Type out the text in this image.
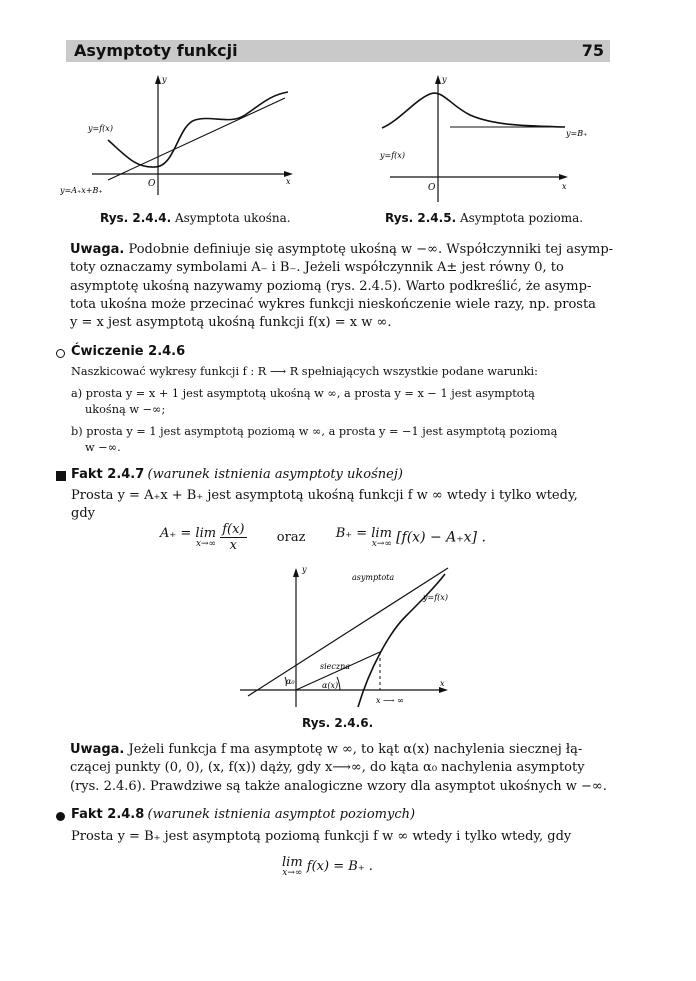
Asymptoty funkcji	75
y
x
O
y=f(x)
y=A₊x+B₊
Rys. 2.4.4. Asymptota ukośna.
y
x
O
y=f(x)
y=B₊
Rys. 2.4.5. Asymptota pozioma.
Uwaga. Podobnie definiuje się asymptotę ukośną w −∞. Współczynniki tej asymp-
toty oznaczamy symbolami A₋ i B₋. Jeżeli współczynnik A± jest równy 0, to
asymptotę ukośną nazywamy poziomą (rys. 2.4.5). Warto podkreślić, że asymp-
tota ukośna może przecinać wykres funkcji nieskończenie wiele razy, np. prosta
y = x jest asymptotą ukośną funkcji f(x) = x w ∞.
Ćwiczenie 2.4.6
Naszkicować wykresy funkcji f : R ⟶ R spełniających wszystkie podane warunki:
a) prosta y = x + 1 jest asymptotą ukośną w ∞, a prosta y = x − 1 jest asymptotą
ukośną w −∞;
b) prosta y = 1 jest asymptotą poziomą w ∞, a prosta y = −1 jest asymptotą poziomą
w −∞.
Fakt 2.4.7 (warunek istnienia asymptoty ukośnej)
Prosta y = A₊x + B₊ jest asymptotą ukośną funkcji f w ∞ wtedy i tylko wtedy,
gdy
A₊ = lim
x→∞
$\frac{f(x)}{x}$ oraz B₊ = lim
x→∞ [f(x) − A₊x] .
y
x
asymptota
y=f(x)
sieczna
α₀	α(x)
x ⟶ ∞
Rys. 2.4.6.
Uwaga. Jeżeli funkcja f ma asymptotę w ∞, to kąt α(x) nachylenia siecznej łą-
czącej punkty (0, 0), (x, f(x)) dąży, gdy x⟶∞, do kąta α₀ nachylenia asymptoty
(rys. 2.4.6). Prawdziwe są także analogiczne wzory dla asymptot ukośnych w −∞.
Fakt 2.4.8 (warunek istnienia asymptot poziomych)
Prosta y = B₊ jest asymptotą poziomą funkcji f w ∞ wtedy i tylko wtedy, gdy
lim
x→∞ f(x) = B₊ .
